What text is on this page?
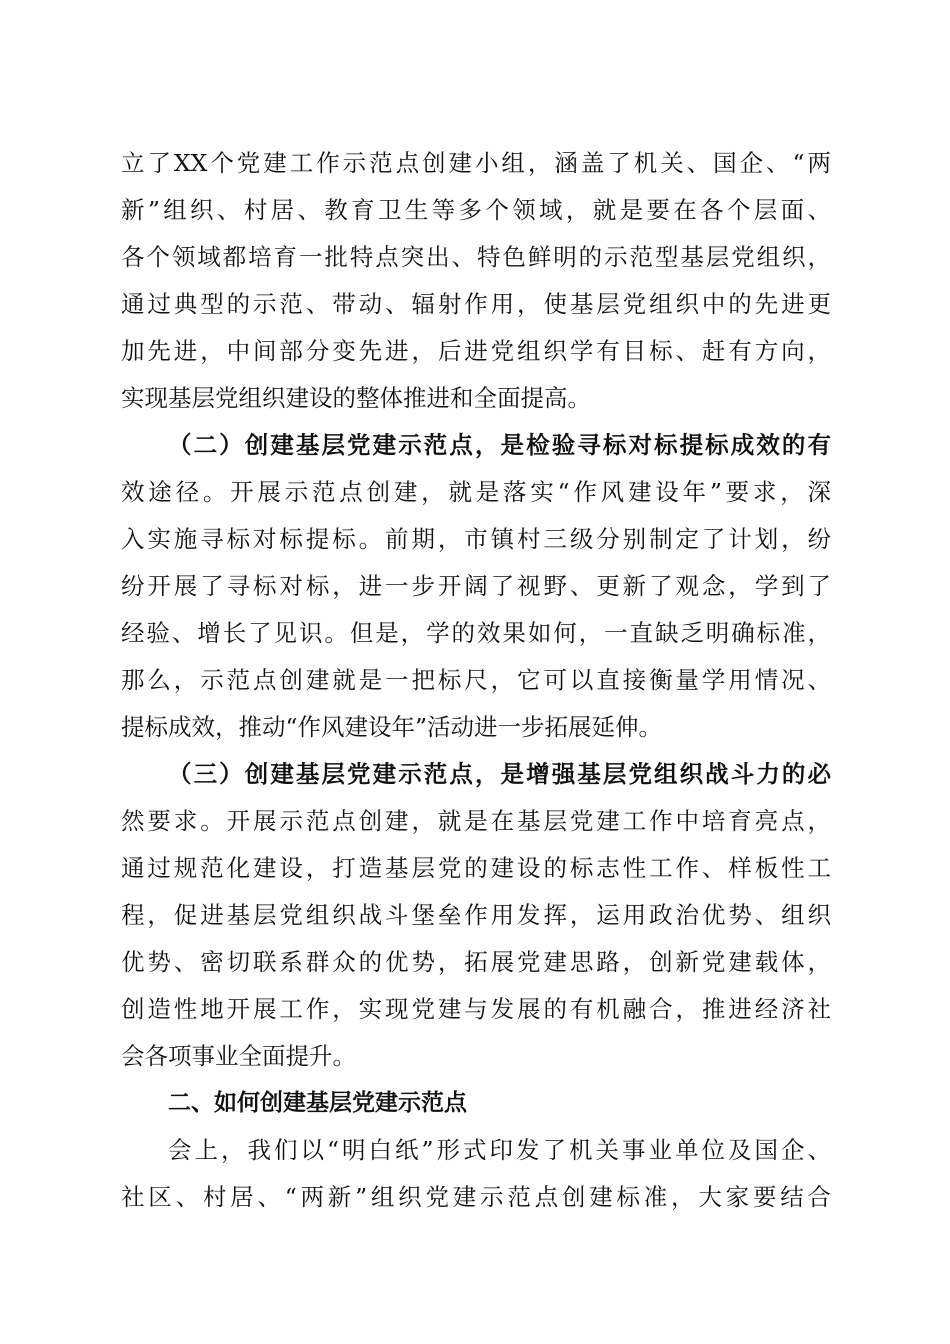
立了XX个党建工作示范点创建小组，涵盖了机关、国企、“两
新”组织、村居、教育卫生等多个领域，就是要在各个层面、
各个领域都培育一批特点突出、特色鲜明的示范型基层党组织，
通过典型的示范、带动、辐射作用，使基层党组织中的先进更
加先进，中间部分变先进，后进党组织学有目标、赶有方向，
实现基层党组织建设的整体推进和全面提高。
（二）创建基层党建示范点，是检验寻标对标提标成效的有
效途径。开展示范点创建，就是落实“作风建设年”要求，深
入实施寻标对标提标。前期，市镇村三级分别制定了计划，纷
纷开展了寻标对标，进一步开阔了视野、更新了观念，学到了
经验、增长了见识。但是，学的效果如何，一直缺乏明确标准，
那么，示范点创建就是一把标尺，它可以直接衡量学用情况、
提标成效，推动“作风建设年”活动进一步拓展延伸。
（三）创建基层党建示范点，是增强基层党组织战斗力的必
然要求。开展示范点创建，就是在基层党建工作中培育亮点，
通过规范化建设，打造基层党的建设的标志性工作、样板性工
程，促进基层党组织战斗堡垒作用发挥，运用政治优势、组织
优势、密切联系群众的优势，拓展党建思路，创新党建载体，
创造性地开展工作，实现党建与发展的有机融合，推进经济社
会各项事业全面提升。
二、如何创建基层党建示范点
会上，我们以“明白纸”形式印发了机关事业单位及国企、
社区、村居、“两新”组织党建示范点创建标准，大家要结合
